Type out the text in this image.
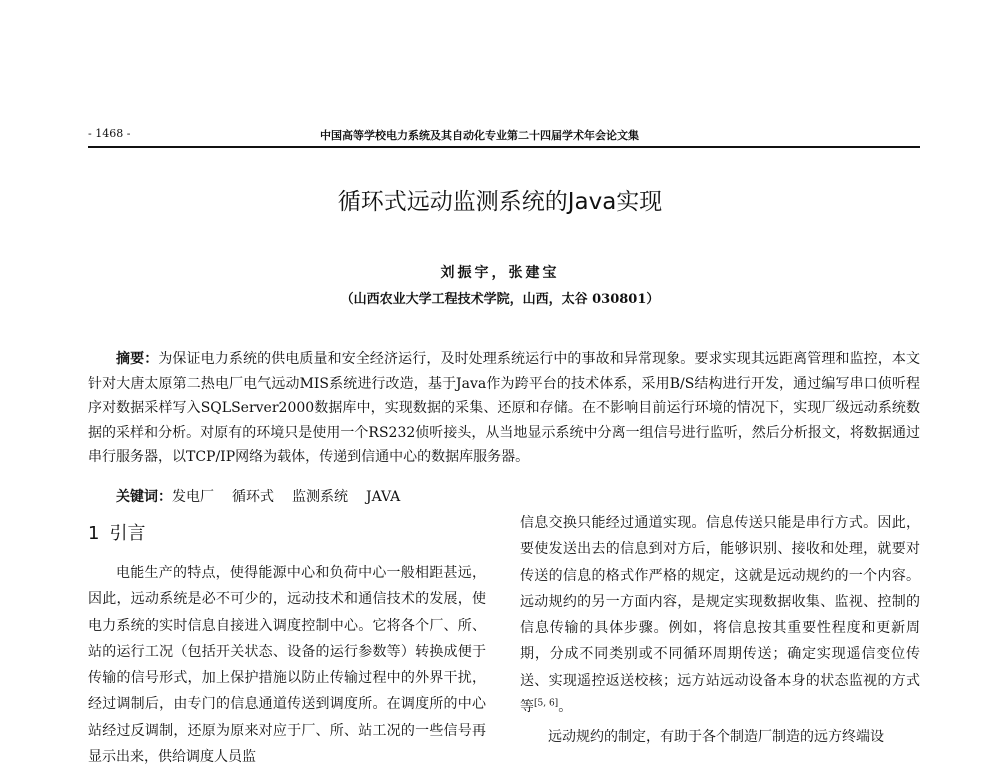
- 1468 -	中国高等学校电力系统及其自动化专业第二十四届学术年会论文集
循环式远动监测系统的Java实现
刘振宇，张建宝
（山西农业大学工程技术学院，山西，太谷 030801）
摘要：为保证电力系统的供电质量和安全经济运行，及时处理系统运行中的事故和异常现象。要求实现其远距离管理和监控，本文针对大唐太原第二热电厂电气远动MIS系统进行改造，基于Java作为跨平台的技术体系，采用B/S结构进行开发，通过编写串口侦听程序对数据采样写入SQLServer2000数据库中，实现数据的采集、还原和存储。在不影响目前运行环境的情况下，实现厂级远动系统数据的采样和分析。对原有的环境只是使用一个RS232侦听接头，从当地显示系统中分离一组信号进行监听，然后分析报文，将数据通过串行服务器，以TCP/IP网络为载体，传递到信通中心的数据库服务器。
关键词：发电厂 循环式 监测系统 JAVA
1 引言

电能生产的特点，使得能源中心和负荷中心一般相距甚远，因此，远动系统是必不可少的，远动技术和通信技术的发展，使电力系统的实时信息自接进入调度控制中心。它将各个厂、所、站的运行工况（包括开关状态、设备的运行参数等）转换成便于传输的信号形式，加上保护措施以防止传输过程中的外界干扰，经过调制后，由专门的信息通道传送到调度所。在调度所的中心站经过反调制，还原为原来对应于厂、所、站工况的一些信号再显示出来，供给调度人员监

信息交换只能经过通道实现。信息传送只能是串行方式。因此，要使发送出去的信息到对方后，能够识别、接收和处理，就要对传送的信息的格式作严格的规定，这就是远动规约的一个内容。远动规约的另一方面内容，是规定实现数据收集、监视、控制的信息传输的具体步骤。例如，将信息按其重要性程度和更新周期，分成不同类别或不同循环周期传送；确定实现遥信变位传送、实现遥控返送校核；远方站远动设备本身的状态监视的方式等[5, 6]。

远动规约的制定，有助于各个制造厂制造的远方终端设
